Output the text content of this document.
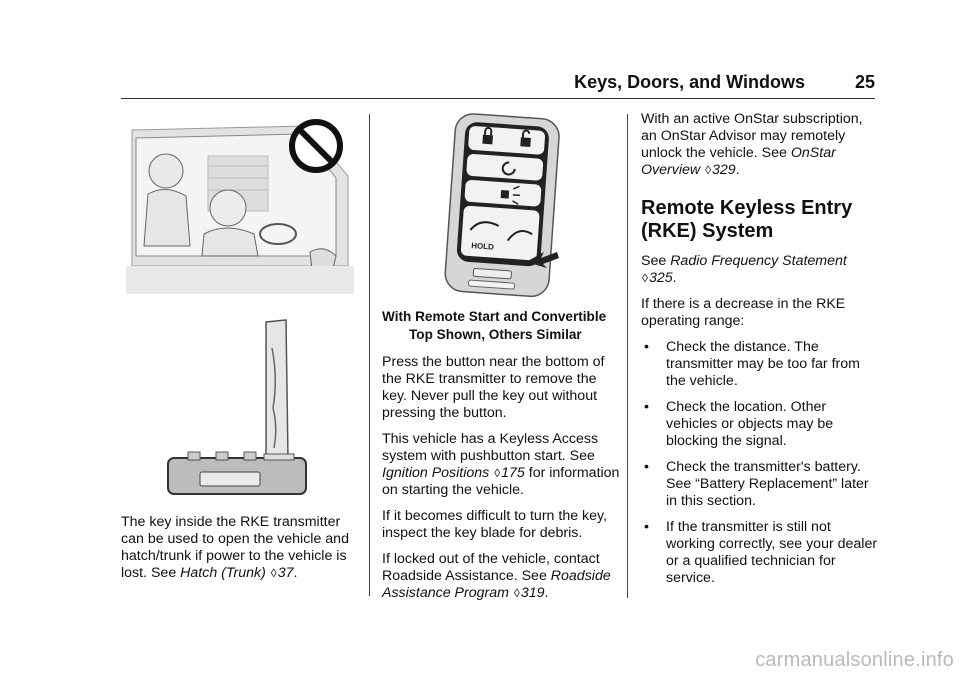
Keys, Doors, and Windows	25
HOLD

The key inside the RKE transmitter can be used to open the vehicle and hatch/trunk if power to the vehicle is lost. See Hatch (Trunk) ◊37.

With Remote Start and Convertible
Top Shown, Others Similar

Press the button near the bottom of the RKE transmitter to remove the key. Never pull the key out without pressing the button.

This vehicle has a Keyless Access system with pushbutton start. See Ignition Positions ◊175 for information on starting the vehicle.

If it becomes difficult to turn the key, inspect the key blade for debris.

If locked out of the vehicle, contact Roadside Assistance. See Roadside Assistance Program ◊319.

With an active OnStar subscription, an OnStar Advisor may remotely unlock the vehicle. See OnStar Overview ◊329.

Remote Keyless Entry
(RKE) System

See Radio Frequency Statement ◊325.

If there is a decrease in the RKE operating range:

• Check the distance. The transmitter may be too far from the vehicle.
• Check the location. Other vehicles or objects may be blocking the signal.
• Check the transmitter's battery. See “Battery Replacement” later in this section.
• If the transmitter is still not working correctly, see your dealer or a qualified technician for service.
carmanualsonline.info
